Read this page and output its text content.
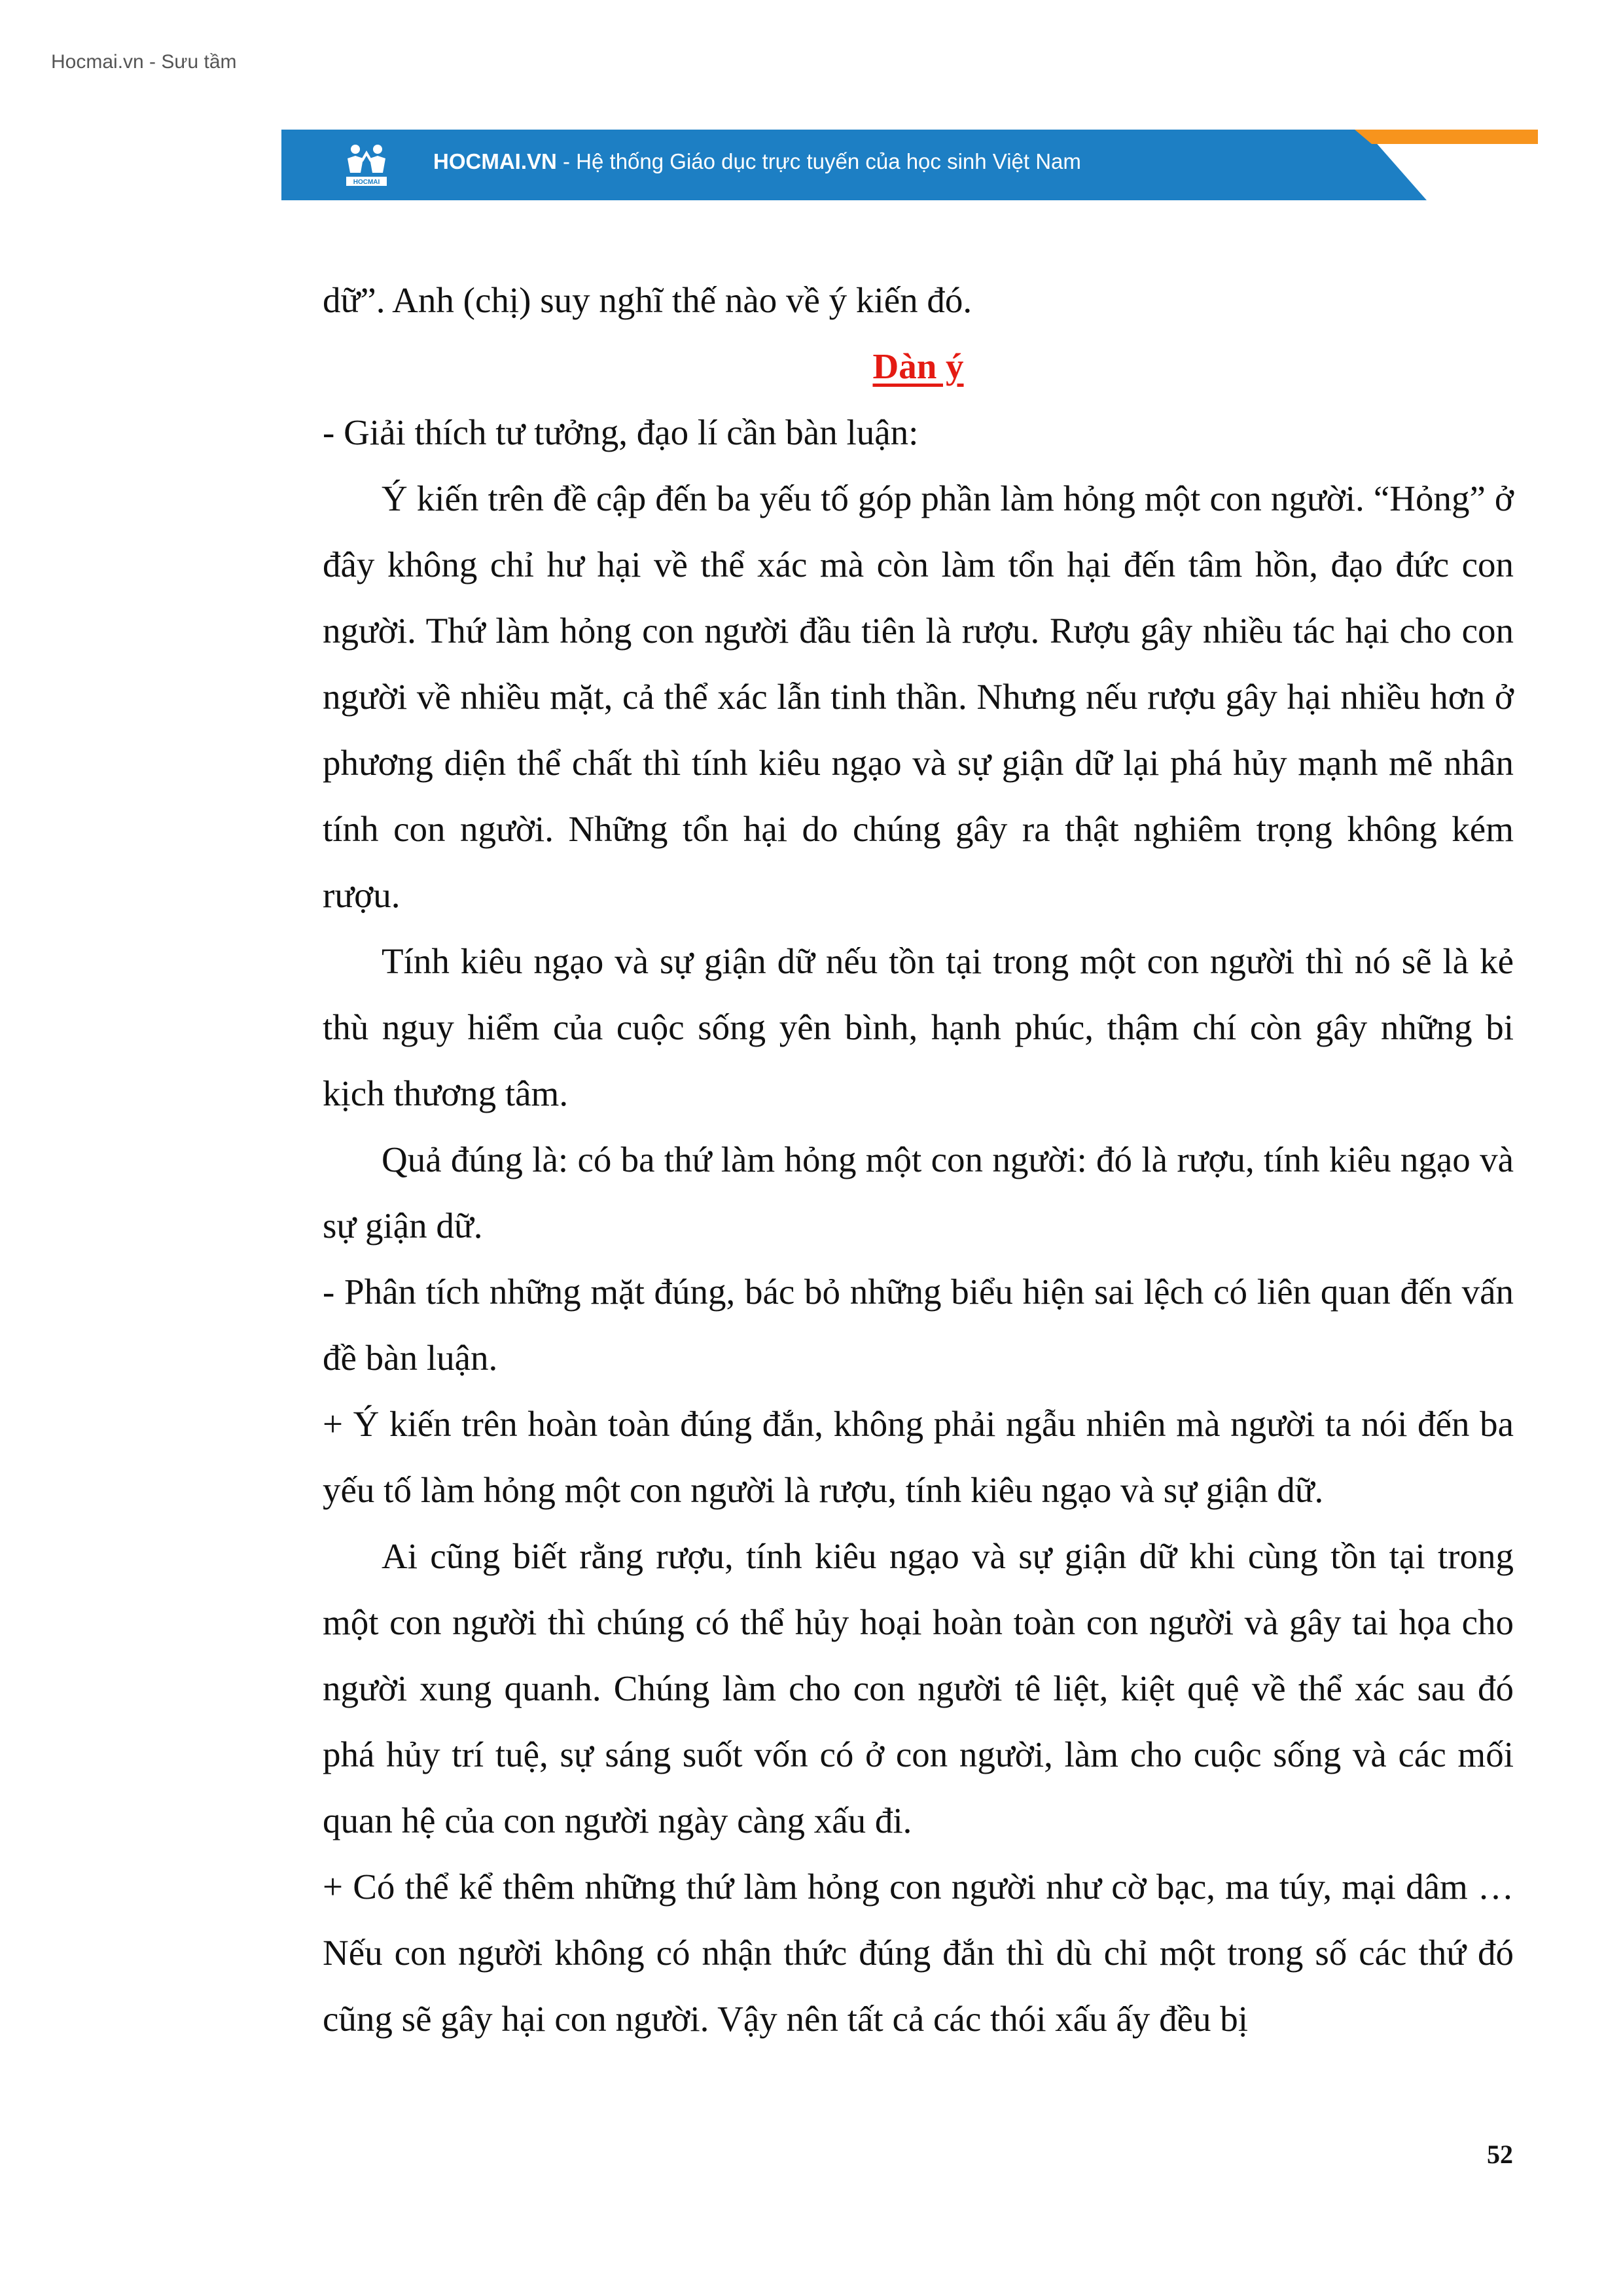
Hocmai.vn - Sưu tầm
HOCMAI
HOCMAI.VN - Hệ thống Giáo dục trực tuyến của học sinh Việt Nam

dữ”. Anh (chị) suy nghĩ thế nào về ý kiến đó.

Dàn ý

- Giải thích tư tưởng, đạo lí cần bàn luận:

Ý kiến trên đề cập đến ba yếu tố góp phần làm hỏng một con người. “Hỏng” ở đây không chỉ hư hại về thể xác mà còn làm tổn hại đến tâm hồn, đạo đức con người. Thứ làm hỏng con người đầu tiên là rượu. Rượu gây nhiều tác hại cho con người về nhiều mặt, cả thể xác lẫn tinh thần. Nhưng nếu rượu gây hại nhiều hơn ở phương diện thể chất thì tính kiêu ngạo và sự giận dữ lại phá hủy mạnh mẽ nhân tính con người. Những tổn hại do chúng gây ra thật nghiêm trọng không kém rượu.

Tính kiêu ngạo và sự giận dữ nếu tồn tại trong một con người thì nó sẽ là kẻ thù nguy hiểm của cuộc sống yên bình, hạnh phúc, thậm chí còn gây những bi kịch thương tâm.

Quả đúng là: có ba thứ làm hỏng một con người: đó là rượu, tính kiêu ngạo và sự giận dữ.

- Phân tích những mặt đúng, bác bỏ những biểu hiện sai lệch có liên quan đến vấn đề bàn luận.

+ Ý kiến trên hoàn toàn đúng đắn, không phải ngẫu nhiên mà người ta nói đến ba yếu tố làm hỏng một con người là rượu, tính kiêu ngạo và sự giận dữ.

Ai cũng biết rằng rượu, tính kiêu ngạo và sự giận dữ khi cùng tồn tại trong một con người thì chúng có thể hủy hoại hoàn toàn con người và gây tai họa cho người xung quanh. Chúng làm cho con người tê liệt, kiệt quệ về thể xác sau đó phá hủy trí tuệ, sự sáng suốt vốn có ở con người, làm cho cuộc sống và các mối quan hệ của con người ngày càng xấu đi.

+ Có thể kể thêm những thứ làm hỏng con người như cờ bạc, ma túy, mại dâm … Nếu con người không có nhận thức đúng đắn thì dù chỉ một trong số các thứ đó cũng sẽ gây hại con người. Vậy nên tất cả các thói xấu ấy đều bị

52
